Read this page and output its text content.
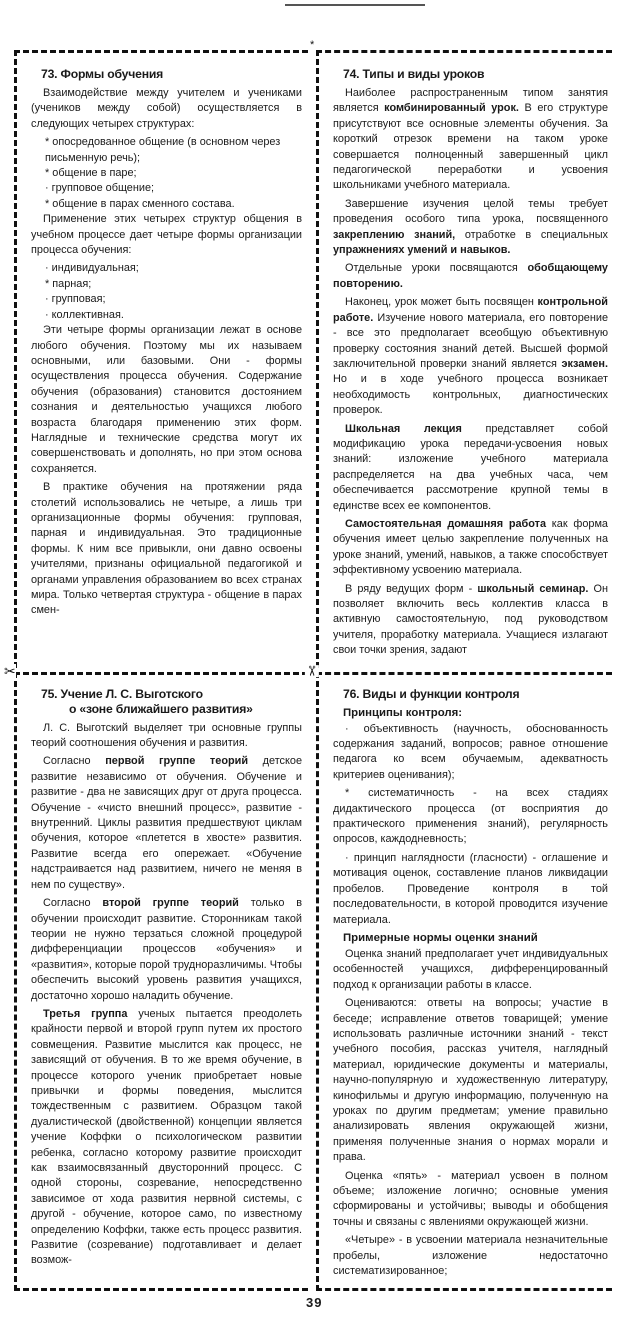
73. Формы обучения

Взаимодействие между учителем и учениками (учеников между собой) осуществляется в следующих четырех структурах:

* опосредованное общение (в основном через письменную речь);

* общение в паре;

· групповое общение;

* общение в парах сменного состава.

Применение этих четырех структур общения в учебном процессе дает четыре формы организации процесса обучения:

· индивидуальная;

* парная;

· групповая;

· коллективная.

Эти четыре формы организации лежат в основе любого обучения. Поэтому мы их называем основными, или базовыми. Они - формы осуществления процесса обучения. Содержание обучения (образования) становится достоянием сознания и деятельностью учащихся любого возраста благодаря применению этих форм. Наглядные и технические средства могут их совершенствовать и дополнять, но при этом основа сохраняется.

В практике обучения на протяжении ряда столетий использовались не четыре, а лишь три организационные формы обучения: групповая, парная и индивидуальная. Это традиционные формы. К ним все привыкли, они давно освоены учителями, признаны официальной педагогикой и органами управления образованием во всех странах мира. Только четвертая структура - общение в парах смен-

*
74. Типы и виды уроков

Наиболее распространенным типом занятия является комбинированный урок. В его структуре присутствуют все основные элементы обучения. За короткий отрезок времени на таком уроке совершается полноценный завершенный цикл педагогической переработки и усвоения школьниками учебного материала.

Завершение изучения целой темы требует проведения особого типа урока, посвященного закреплению знаний, отработке в специальных упражнениях умений и навыков.

Отдельные уроки посвящаются обобщающему повторению.

Наконец, урок может быть посвящен контрольной работе. Изучение нового материала, его повторение - все это предполагает всеобщую объективную проверку состояния знаний детей. Высшей формой заключительной проверки знаний является экзамен. Но и в ходе учебного процесса возникает необходимость контрольных, диагностических проверок.

Школьная лекция представляет собой модификацию урока передачи-усвоения новых знаний: изложение учебного материала распределяется на два учебных часа, чем обеспечивается рассмотрение крупной темы в единстве всех ее компонентов.

Самостоятельная домашняя работа как форма обучения имеет целью закрепление полученных на уроке знаний, умений, навыков, а также способствует эффективному усвоению материала.

В ряду ведущих форм - школьный семинар. Он позволяет включить весь коллектив класса в активную самостоятельную, под руководством учителя, проработку материала. Учащиеся излагают свои точки зрения, задают

✂
75. Учение Л. С. Выготского
о «зоне ближайшего развития»

Л. С. Выготский выделяет три основные группы теорий соотношения обучения и развития.

Согласно первой группе теорий детское развитие независимо от обучения. Обучение и развитие - два не зависящих друг от друга процесса. Обучение - «чисто внешний процесс», развитие - внутренний. Циклы развития предшествуют циклам обучения, которое «плетется в хвосте» развития. Развитие всегда его опережает. «Обучение надстраивается над развитием, ничего не меняя в нем по существу».

Согласно второй группе теорий только в обучении происходит развитие. Сторонникам такой теории не нужно терзаться сложной процедурой дифференциации процессов «обучения» и «развития», которые порой трудноразличимы. Чтобы обеспечить высокий уровень развития учащихся, достаточно хорошо наладить обучение.

Третья группа ученых пытается преодолеть крайности первой и второй групп путем их простого совмещения. Развитие мыслится как процесс, не зависящий от обучения. В то же время обучение, в процессе которого ученик приобретает новые привычки и формы поведения, мыслится тождественным с развитием. Образцом такой дуалистической (двойственной) концепции является учение Коффки о психологическом развитии ребенка, согласно которому развитие происходит как взаимосвязанный двусторонний процесс. С одной стороны, созревание, непосредственно зависимое от хода развития нервной системы, с другой - обучение, которое само, по известному определению Коффки, также есть процесс развития. Развитие (созревание) подготавливает и делает возмож-

✂
76. Виды и функции контроля
Принципы контроля:

· объективность (научность, обоснованность содержания заданий, вопросов; равное отношение педагога ко всем обучаемым, адекватность критериев оценивания);

* систематичность - на всех стадиях дидактического процесса (от восприятия до практического применения знаний), регулярность опросов, каждодневность;

· принцип наглядности (гласности) - оглашение и мотивация оценок, составление планов ликвидации пробелов. Проведение контроля в той последовательности, в которой проводится изучение материала.

Примерные нормы оценки знаний

Оценка знаний предполагает учет индивидуальных особенностей учащихся, дифференцированный подход к организации работы в классе.

Оцениваются: ответы на вопросы; участие в беседе; исправление ответов товарищей; умение использовать различные источники знаний - текст учебного пособия, рассказ учителя, наглядный материал, юридические документы и материалы, научно-популярную и художественную литературу, кинофильмы и другую информацию, полученную на уроках по другим предметам; умение правильно анализировать явления окружающей жизни, применяя полученные знания о нормах морали и права.

Оценка «пять» - материал усвоен в полном объеме; изложение логично; основные умения сформированы и устойчивы; выводы и обобщения точны и связаны с явлениями окружающей жизни.

«Четыре» - в усвоении материала незначительные пробелы, изложение недостаточно систематизированное;

39
